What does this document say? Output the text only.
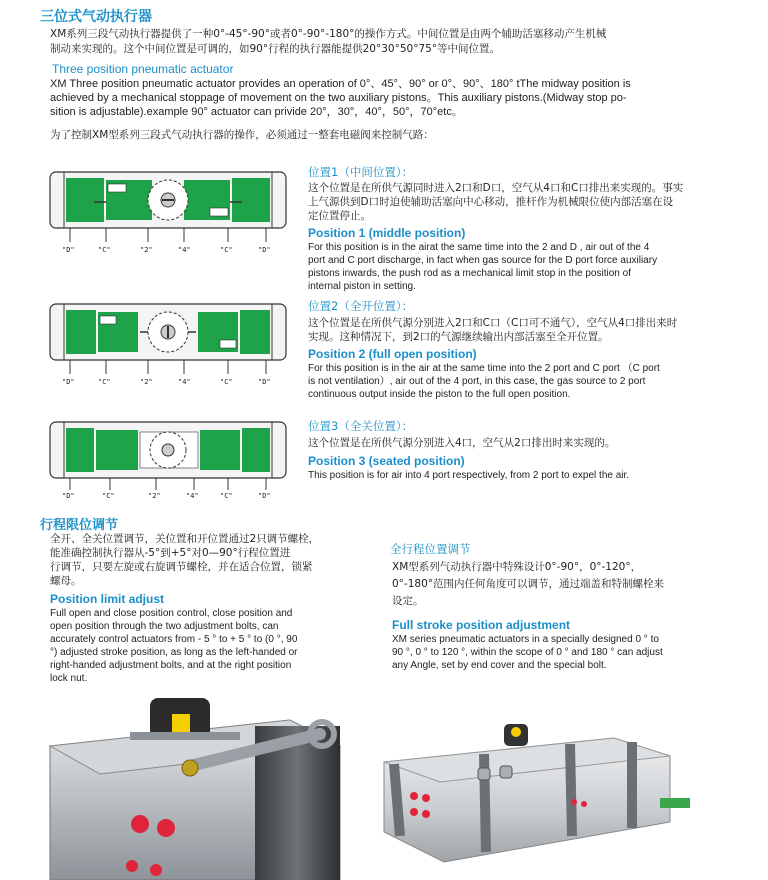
三位式气动执行器
XM系列三段气动执行器提供了一种0°-45°-90°或者0°-90°-180°的操作方式。中间位置是由两个辅助活塞移动产生机械
制动来实现的。这个中间位置是可调的，如90°行程的执行器能提供20°30°50°75°等中间位置。
Three position pneumatic actuator
XM Three position pneumatic actuator provides an operation of 0°、45°、90° or 0°、90°、180° tThe midway position is
achieved by a mechanical stoppage of movement on the two auxiliary pistons。This auxiliary pistons.(Midway stop po-
sition is adjustable).example 90° actuator can privide 20°，30°，40°，50°，70°etc。
为了控制XM型系列三段式气动执行器的操作，必须通过一整套电磁阀来控制气路：
"D"	"C"	"2"	"4"	"C"	"D"
位置1（中间位置）：
这个位置是在所供气源同时进入2口和D口，空气从4口和C口排出来实现的。事实
上气源供到D口时迫使辅助活塞向中心移动，推杆作为机械限位使内部活塞在设
定位置停止。
Position 1 (middle position)
For this position is in the airat the same time into the 2 and D , air out of the 4
port and C port discharge, in fact when gas source for the D port force auxiliary
pistons inwards, the push rod as a mechanical limit stop in the position of
internal piston in setting.
"D"	"C"	"2"	"4"	"C"	"D"
位置2（全开位置）：
这个位置是在所供气源分别进入2口和C口（C口可不通气），空气从4口排出来时
实现。这种情况下，到2口的气源继续输出内部活塞至全开位置。
Position 2 (full open position)
For this position is in the air at the same time into the 2 port and C port （C port
is not ventilation）, air out of the 4 port, in this case, the gas source to 2 port
continuous output inside the piston to the full open position.
"D"	"C"	"2"	"4"	"C"	"D"
位置3（全关位置）：
这个位置是在所供气源分别进入4口，空气从2口排出时来实现的。
Position 3 (seated position)
This position is for air into 4 port respectively, from 2 port to expel the air.
行程限位调节
全开、全关位置调节，关位置和开位置通过2只调节螺栓，
能准确控制执行器从-5°到+5°对0—90°行程位置进
行调节，只要左旋或右旋调节螺栓，并在适合位置，锁紧
螺母。
Position limit adjust
Full open and close position control, close position and
open position through the two adjustment bolts, can
accurately control actuators from - 5 ° to + 5 ° to (0 °, 90
°) adjusted stroke position, as long as the left-handed or
right-handed adjustment bolts, and at the right position
lock nut.
全行程位置调节
XM型系列气动执行器中特殊设计0°-90°，0°-120°，
0°-180°范围内任何角度可以调节，通过端盖和特制螺栓来
设定。
Full stroke position adjustment
XM series pneumatic actuators in a specially designed 0 ° to
90 °, 0 ° to 120 °, within the scope of 0 ° and 180 ° can adjust
any Angle, set by end cover and the special bolt.
